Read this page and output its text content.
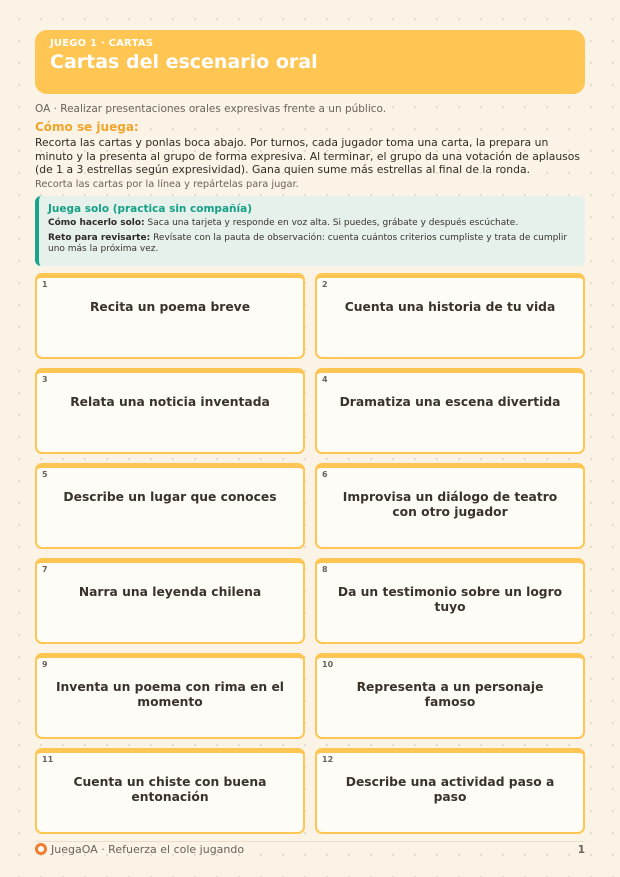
JUEGO 1 · CARTAS
Cartas del escenario oral
OA · Realizar presentaciones orales expresivas frente a un público.
Cómo se juega:
Recorta las cartas y ponlas boca abajo. Por turnos, cada jugador toma una carta, la prepara un minuto y la presenta al grupo de forma expresiva. Al terminar, el grupo da una votación de aplausos (de 1 a 3 estrellas según expresividad). Gana quien sume más estrellas al final de la ronda.
Recorta las cartas por la línea y repártelas para jugar.
Juega solo (practica sin compañía)
Cómo hacerlo solo: Saca una tarjeta y responde en voz alta. Si puedes, grábate y después escúchate.
Reto para revisarte: Revísate con la pauta de observación: cuenta cuántos criterios cumpliste y trata de cumplir uno más la próxima vez.
1
Recita un poema breve
2
Cuenta una historia de tu vida
3
Relata una noticia inventada
4
Dramatiza una escena divertida
5
Describe un lugar que conoces
6
Improvisa un diálogo de teatro con otro jugador
7
Narra una leyenda chilena
8
Da un testimonio sobre un logro tuyo
9
Inventa un poema con rima en el momento
10
Representa a un personaje famoso
11
Cuenta un chiste con buena entonación
12
Describe una actividad paso a paso
JuegaOA · Refuerza el cole jugando	1
